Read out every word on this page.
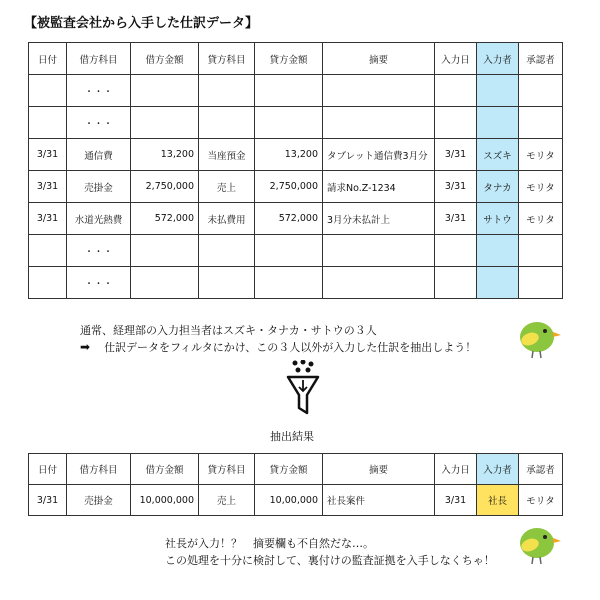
【被監査会社から入手した仕訳データ】
日付	借方科目	借方金額	貸方科目	貸方金額	摘要	入力日	入力者	承認者
	・・・							
	・・・							
3/31	通信費	13,200	当座預金	13,200	タブレット通信費3月分	3/31	スズキ	モリタ
3/31	売掛金	2,750,000	売上	2,750,000	請求No.Z-1234	3/31	タナカ	モリタ
3/31	水道光熱費	572,000	未払費用	572,000	3月分未払計上	3/31	サトウ	モリタ
	・・・							
	・・・							
通常、経理部の入力担当者はスズキ・タナカ・サトウの３人
➡ 仕訳データをフィルタにかけ、この３人以外が入力した仕訳を抽出しよう！
抽出結果
日付	借方科目	借方金額	貸方科目	貸方金額	摘要	入力日	入力者	承認者
3/31	売掛金	10,000,000	売上	10,00,000	社長案件	3/31	社長	モリタ
社長が入力！？　摘要欄も不自然だな…。
この処理を十分に検討して、裏付けの監査証拠を入手しなくちゃ！
